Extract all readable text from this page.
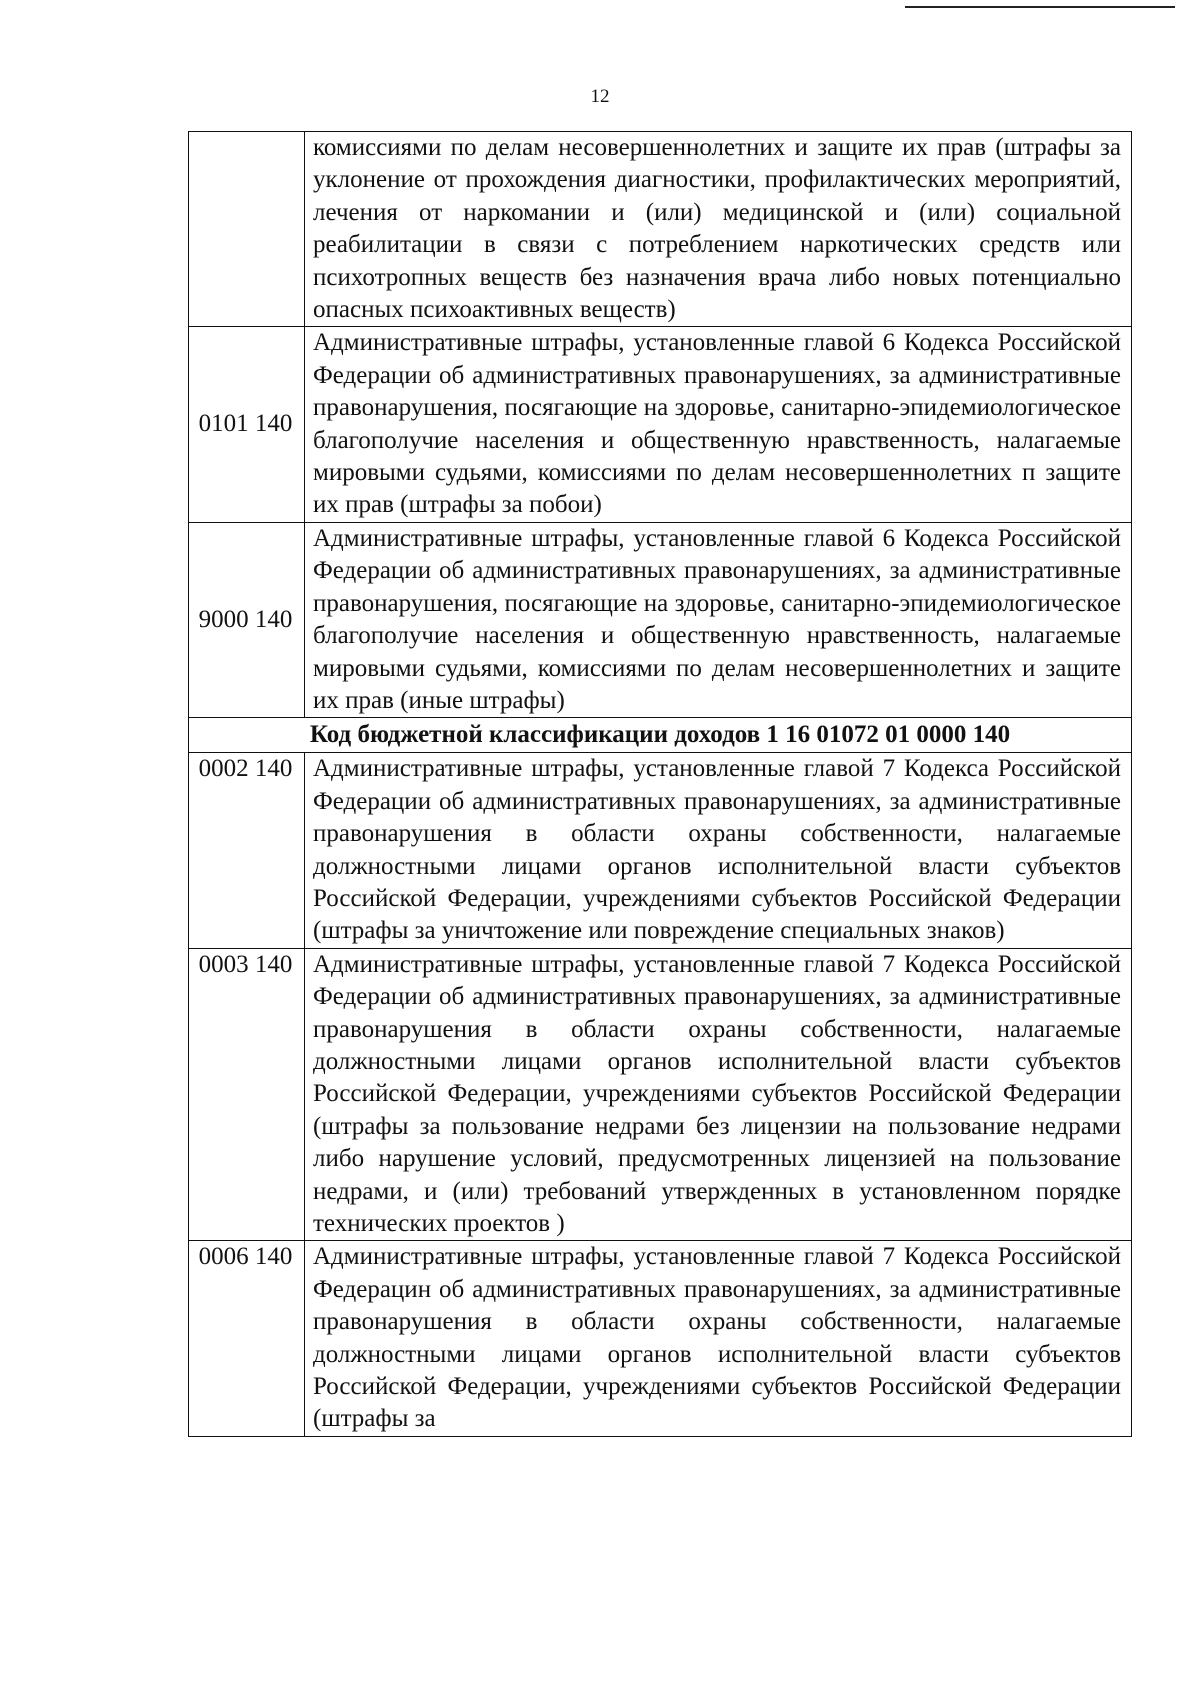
12
	комиссиями по делам несовершеннолетних и защите их прав (штрафы за уклонение от прохождения диагностики, профилактических мероприятий, лечения от наркомании и (или) медицинской и (или) социальной реабилитации в связи с потреблением наркотических средств или психотропных веществ без назначения врача либо новых потенциально опасных психоактивных веществ)
0101 140	Административные штрафы, установленные главой 6 Кодекса Российской Федерации об административных правонарушениях, за административные правонарушения, посягающие на здоровье, санитарно-эпидемиологическое благополучие населения и общественную нравственность, налагаемые мировыми судьями, комиссиями по делам несовершеннолетних п защите их прав (штрафы за побои)
9000 140	Административные штрафы, установленные главой 6 Кодекса Российской Федерации об административных правонарушениях, за административные правонарушения, посягающие на здоровье, санитарно-эпидемиологическое благополучие населения и общественную нравственность, налагаемые мировыми судьями, комиссиями по делам несовершеннолетних и защите их прав (иные штрафы)
Код бюджетной классификации доходов 1 16 01072 01 0000 140	
0002 140	Административные штрафы, установленные главой 7 Кодекса Российской Федерации об административных правонарушениях, за административные правонарушения в области охраны собственности, налагаемые должностными лицами органов исполнительной власти субъектов Российской Федерации, учреждениями субъектов Российской Федерации (штрафы за уничтожение или повреждение специальных знаков)
0003 140	Административные штрафы, установленные главой 7 Кодекса Российской Федерации об административных правонарушениях, за административные правонарушения в области охраны собственности, налагаемые должностными лицами органов исполнительной власти субъектов Российской Федерации, учреждениями субъектов Российской Федерации (штрафы за пользование недрами без лицензии на пользование недрами либо нарушение условий, предусмотренных лицензией на пользование недрами, и (или) требований утвержденных в установленном порядке технических проектов )
0006 140	Административные штрафы, установленные главой 7 Кодекса Российской Федерацин об административных правонарушениях, за административные правонарушения в области охраны собственности, налагаемые должностными лицами органов исполнительной власти субъектов Российской Федерации, учреждениями субъектов Российской Федерации (штрафы за
